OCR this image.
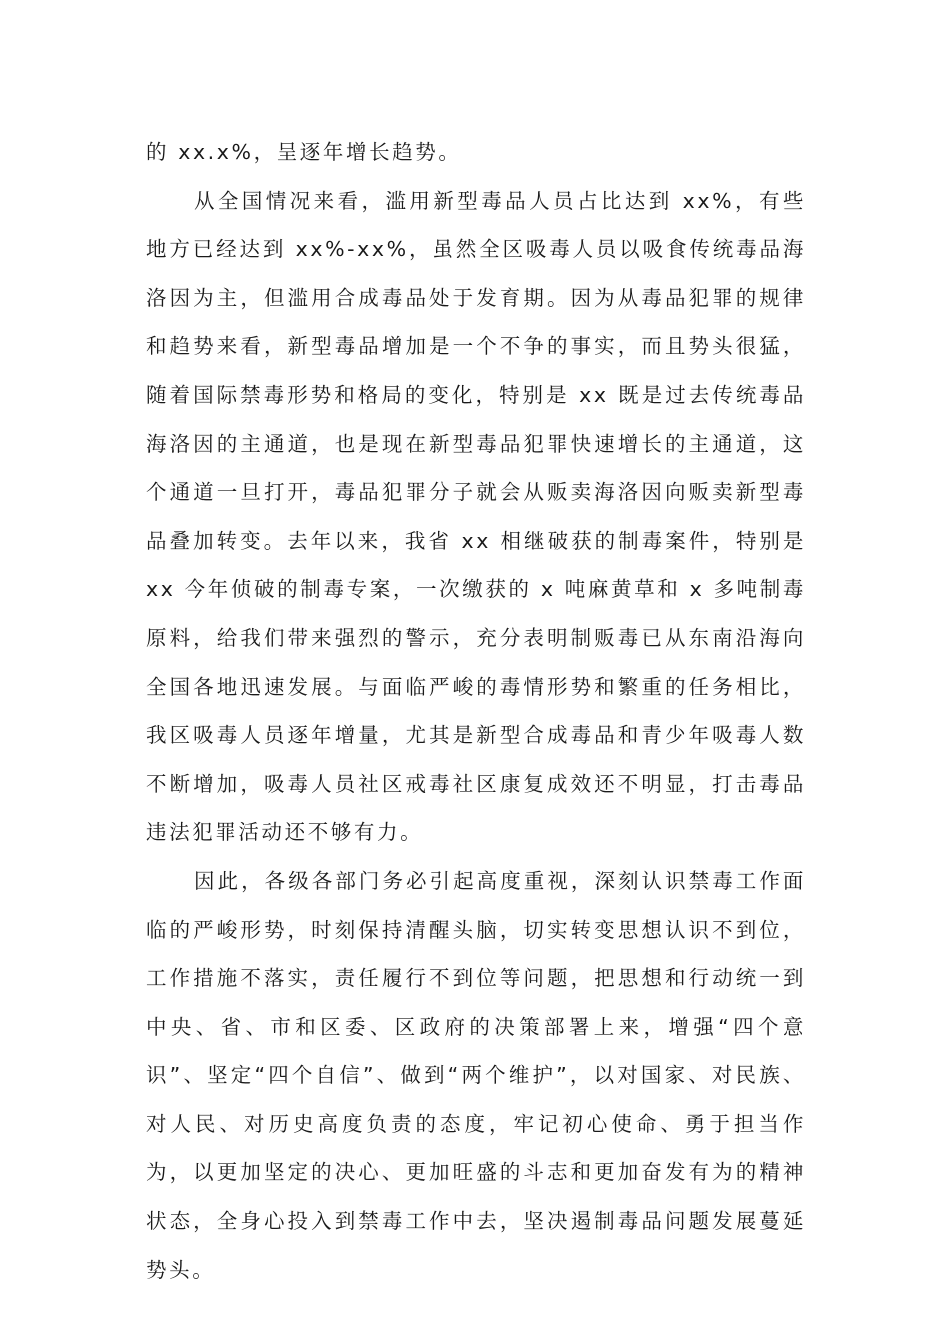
的 xx.x%，呈逐年增长趋势。

从全国情况来看，滥用新型毒品人员占比达到 xx%，有些地方已经达到 xx%-xx%，虽然全区吸毒人员以吸食传统毒品海洛因为主，但滥用合成毒品处于发育期。因为从毒品犯罪的规律和趋势来看，新型毒品增加是一个不争的事实，而且势头很猛，随着国际禁毒形势和格局的变化，特别是 xx 既是过去传统毒品海洛因的主通道，也是现在新型毒品犯罪快速增长的主通道，这个通道一旦打开，毒品犯罪分子就会从贩卖海洛因向贩卖新型毒品叠加转变。去年以来，我省 xx 相继破获的制毒案件，特别是 xx 今年侦破的制毒专案，一次缴获的 x 吨麻黄草和 x 多吨制毒原料，给我们带来强烈的警示，充分表明制贩毒已从东南沿海向全国各地迅速发展。与面临严峻的毒情形势和繁重的任务相比，我区吸毒人员逐年增量，尤其是新型合成毒品和青少年吸毒人数不断增加，吸毒人员社区戒毒社区康复成效还不明显，打击毒品违法犯罪活动还不够有力。

因此，各级各部门务必引起高度重视，深刻认识禁毒工作面临的严峻形势，时刻保持清醒头脑，切实转变思想认识不到位，工作措施不落实，责任履行不到位等问题，把思想和行动统一到中央、省、市和区委、区政府的决策部署上来，增强“四个意识”、坚定“四个自信”、做到“两个维护”，以对国家、对民族、对人民、对历史高度负责的态度，牢记初心使命、勇于担当作为，以更加坚定的决心、更加旺盛的斗志和更加奋发有为的精神状态，全身心投入到禁毒工作中去，坚决遏制毒品问题发展蔓延势头。
